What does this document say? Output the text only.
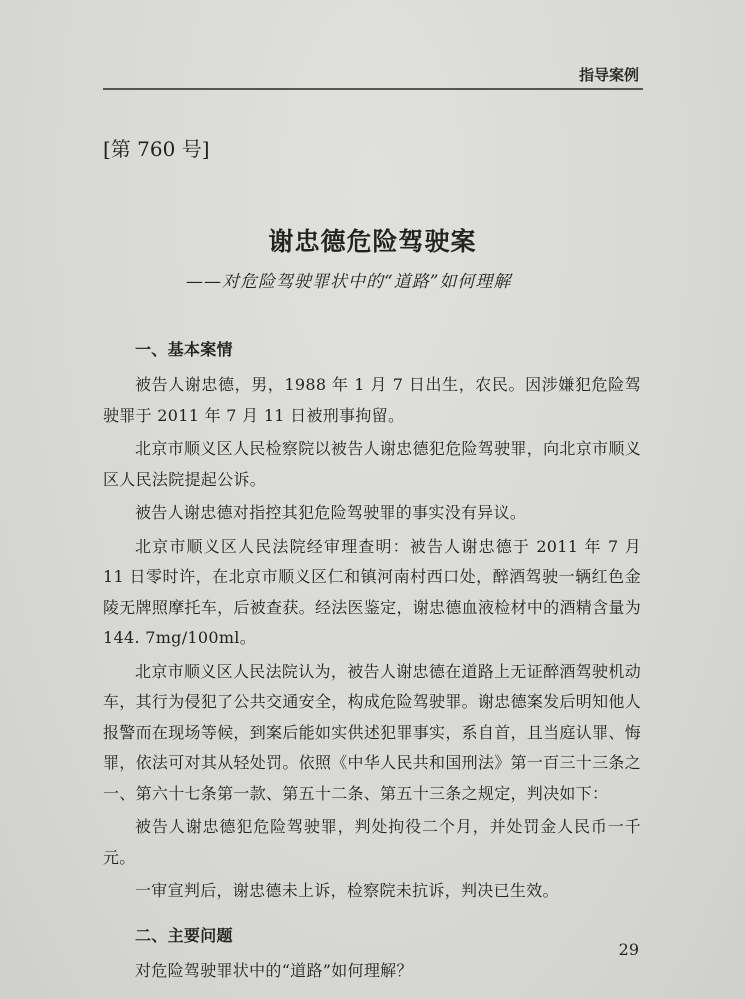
指导案例
[第 760 号]
谢忠德危险驾驶案
——对危险驾驶罪状中的“道路”如何理解
一、基本案情

被告人谢忠德，男，1988 年 1 月 7 日出生，农民。因涉嫌犯危险驾驶罪于 2011 年 7 月 11 日被刑事拘留。

北京市顺义区人民检察院以被告人谢忠德犯危险驾驶罪，向北京市顺义区人民法院提起公诉。

被告人谢忠德对指控其犯危险驾驶罪的事实没有异议。

北京市顺义区人民法院经审理查明：被告人谢忠德于 2011 年 7 月 11 日零时许，在北京市顺义区仁和镇河南村西口处，醉酒驾驶一辆红色金陵无牌照摩托车，后被查获。经法医鉴定，谢忠德血液检材中的酒精含量为 144. 7mg/100ml。

北京市顺义区人民法院认为，被告人谢忠德在道路上无证醉酒驾驶机动车，其行为侵犯了公共交通安全，构成危险驾驶罪。谢忠德案发后明知他人报警而在现场等候，到案后能如实供述犯罪事实，系自首，且当庭认罪、悔罪，依法可对其从轻处罚。依照《中华人民共和国刑法》第一百三十三条之一、第六十七条第一款、第五十二条、第五十三条之规定，判决如下：

被告人谢忠德犯危险驾驶罪，判处拘役二个月，并处罚金人民币一千元。

一审宣判后，谢忠德未上诉，检察院未抗诉，判决已生效。

二、主要问题

对危险驾驶罪状中的“道路”如何理解？

29
